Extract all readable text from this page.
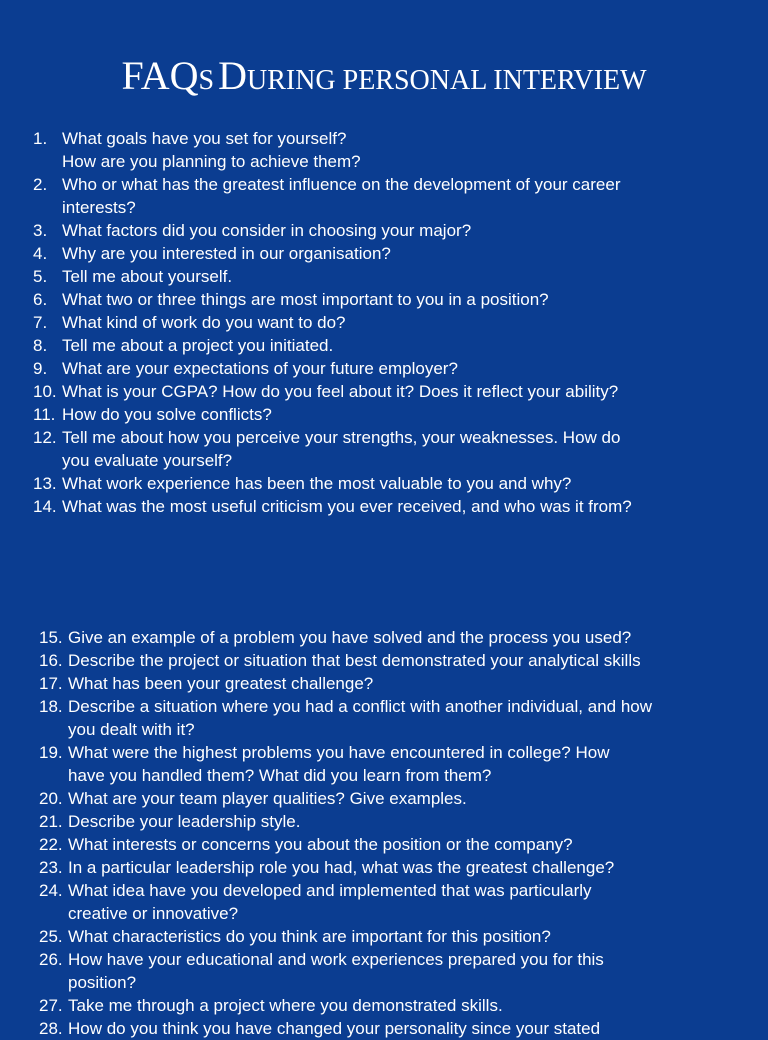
FAQS DURING PERSONAL INTERVIEW
1. What goals have you set for yourself?
How are you planning to achieve them?
2. Who or what has the greatest influence on the development of your career
interests?
3. What factors did you consider in choosing your major?
4. Why are you interested in our organisation?
5. Tell me about yourself.
6. What two or three things are most important to you in a position?
7. What kind of work do you want to do?
8. Tell me about a project you initiated.
9. What are your expectations of your future employer?
10. What is your CGPA? How do you feel about it? Does it reflect your ability?
11. How do you solve conflicts?
12. Tell me about how you perceive your strengths, your weaknesses. How do
you evaluate yourself?
13. What work experience has been the most valuable to you and why?
14. What was the most useful criticism you ever received, and who was it from?
15. Give an example of a problem you have solved and the process you used?
16. Describe the project or situation that best demonstrated your analytical skills
17. What has been your greatest challenge?
18. Describe a situation where you had a conflict with another individual, and how
you dealt with it?
19. What were the highest problems you have encountered in college? How
have you handled them? What did you learn from them?
20. What are your team player qualities? Give examples.
21. Describe your leadership style.
22. What interests or concerns you about the position or the company?
23. In a particular leadership role you had, what was the greatest challenge?
24. What idea have you developed and implemented that was particularly
creative or innovative?
25. What characteristics do you think are important for this position?
26. How have your educational and work experiences prepared you for this
position?
27. Take me through a project where you demonstrated skills.
28. How do you think you have changed your personality since your stated
